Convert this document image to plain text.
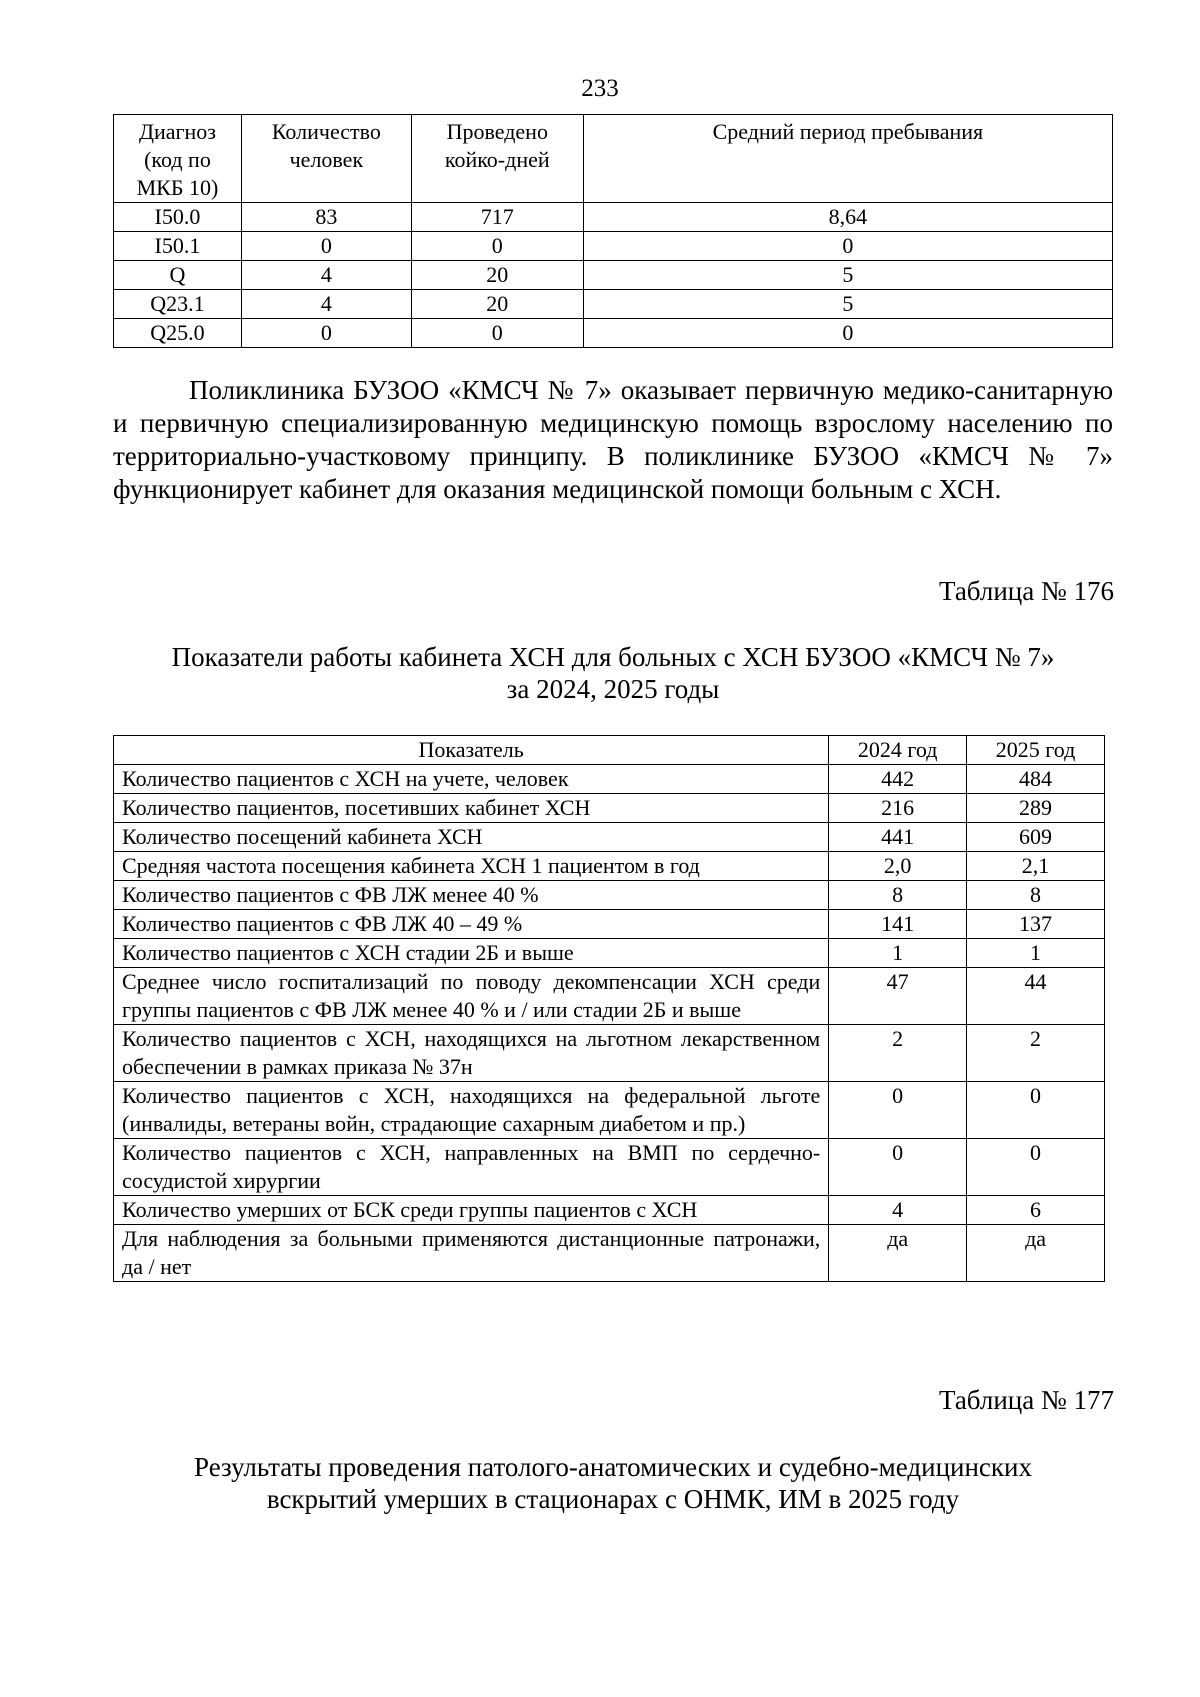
233
Диагноз (код по МКБ 10)	Количество человек	Проведено койко-дней	Средний период пребывания
I50.0	83	717	8,64
I50.1	0	0	0
Q	4	20	5
Q23.1	4	20	5
Q25.0	0	0	0
Поликлиника БУЗОО «КМСЧ № 7» оказывает первичную медико-санитарную и первичную специализированную медицинскую помощь взрослому населению по территориально-участковому принципу. В поликлинике БУЗОО «КМСЧ № 7» функционирует кабинет для оказания медицинской помощи больным с ХСН.
Таблица № 176
Показатели работы кабинета ХСН для больных с ХСН БУЗОО «КМСЧ № 7»
за 2024, 2025 годы
Показатель	2024 год	2025 год
Количество пациентов с ХСН на учете, человек	442	484
Количество пациентов, посетивших кабинет ХСН	216	289
Количество посещений кабинета ХСН	441	609
Средняя частота посещения кабинета ХСН 1 пациентом в год	2,0	2,1
Количество пациентов с ФВ ЛЖ менее 40 %	8	8
Количество пациентов с ФВ ЛЖ 40 – 49 %	141	137
Количество пациентов с ХСН стадии 2Б и выше	1	1
Среднее число госпитализаций по поводу декомпенсации ХСН среди группы пациентов с ФВ ЛЖ менее 40 % и / или стадии 2Б и выше	47	44
Количество пациентов с ХСН, находящихся на льготном лекарственном обеспечении в рамках приказа № 37н	2	2
Количество пациентов с ХСН, находящихся на федеральной льготе (инвалиды, ветераны войн, страдающие сахарным диабетом и пр.)	0	0
Количество пациентов с ХСН, направленных на ВМП по сердечно-сосудистой хирургии	0	0
Количество умерших от БСК среди группы пациентов с ХСН	4	6
Для наблюдения за больными применяются дистанционные патронажи, да / нет	да	да
Таблица № 177
Результаты проведения патолого-анатомических и судебно-медицинских
вскрытий умерших в стационарах с ОНМК, ИМ в 2025 году
